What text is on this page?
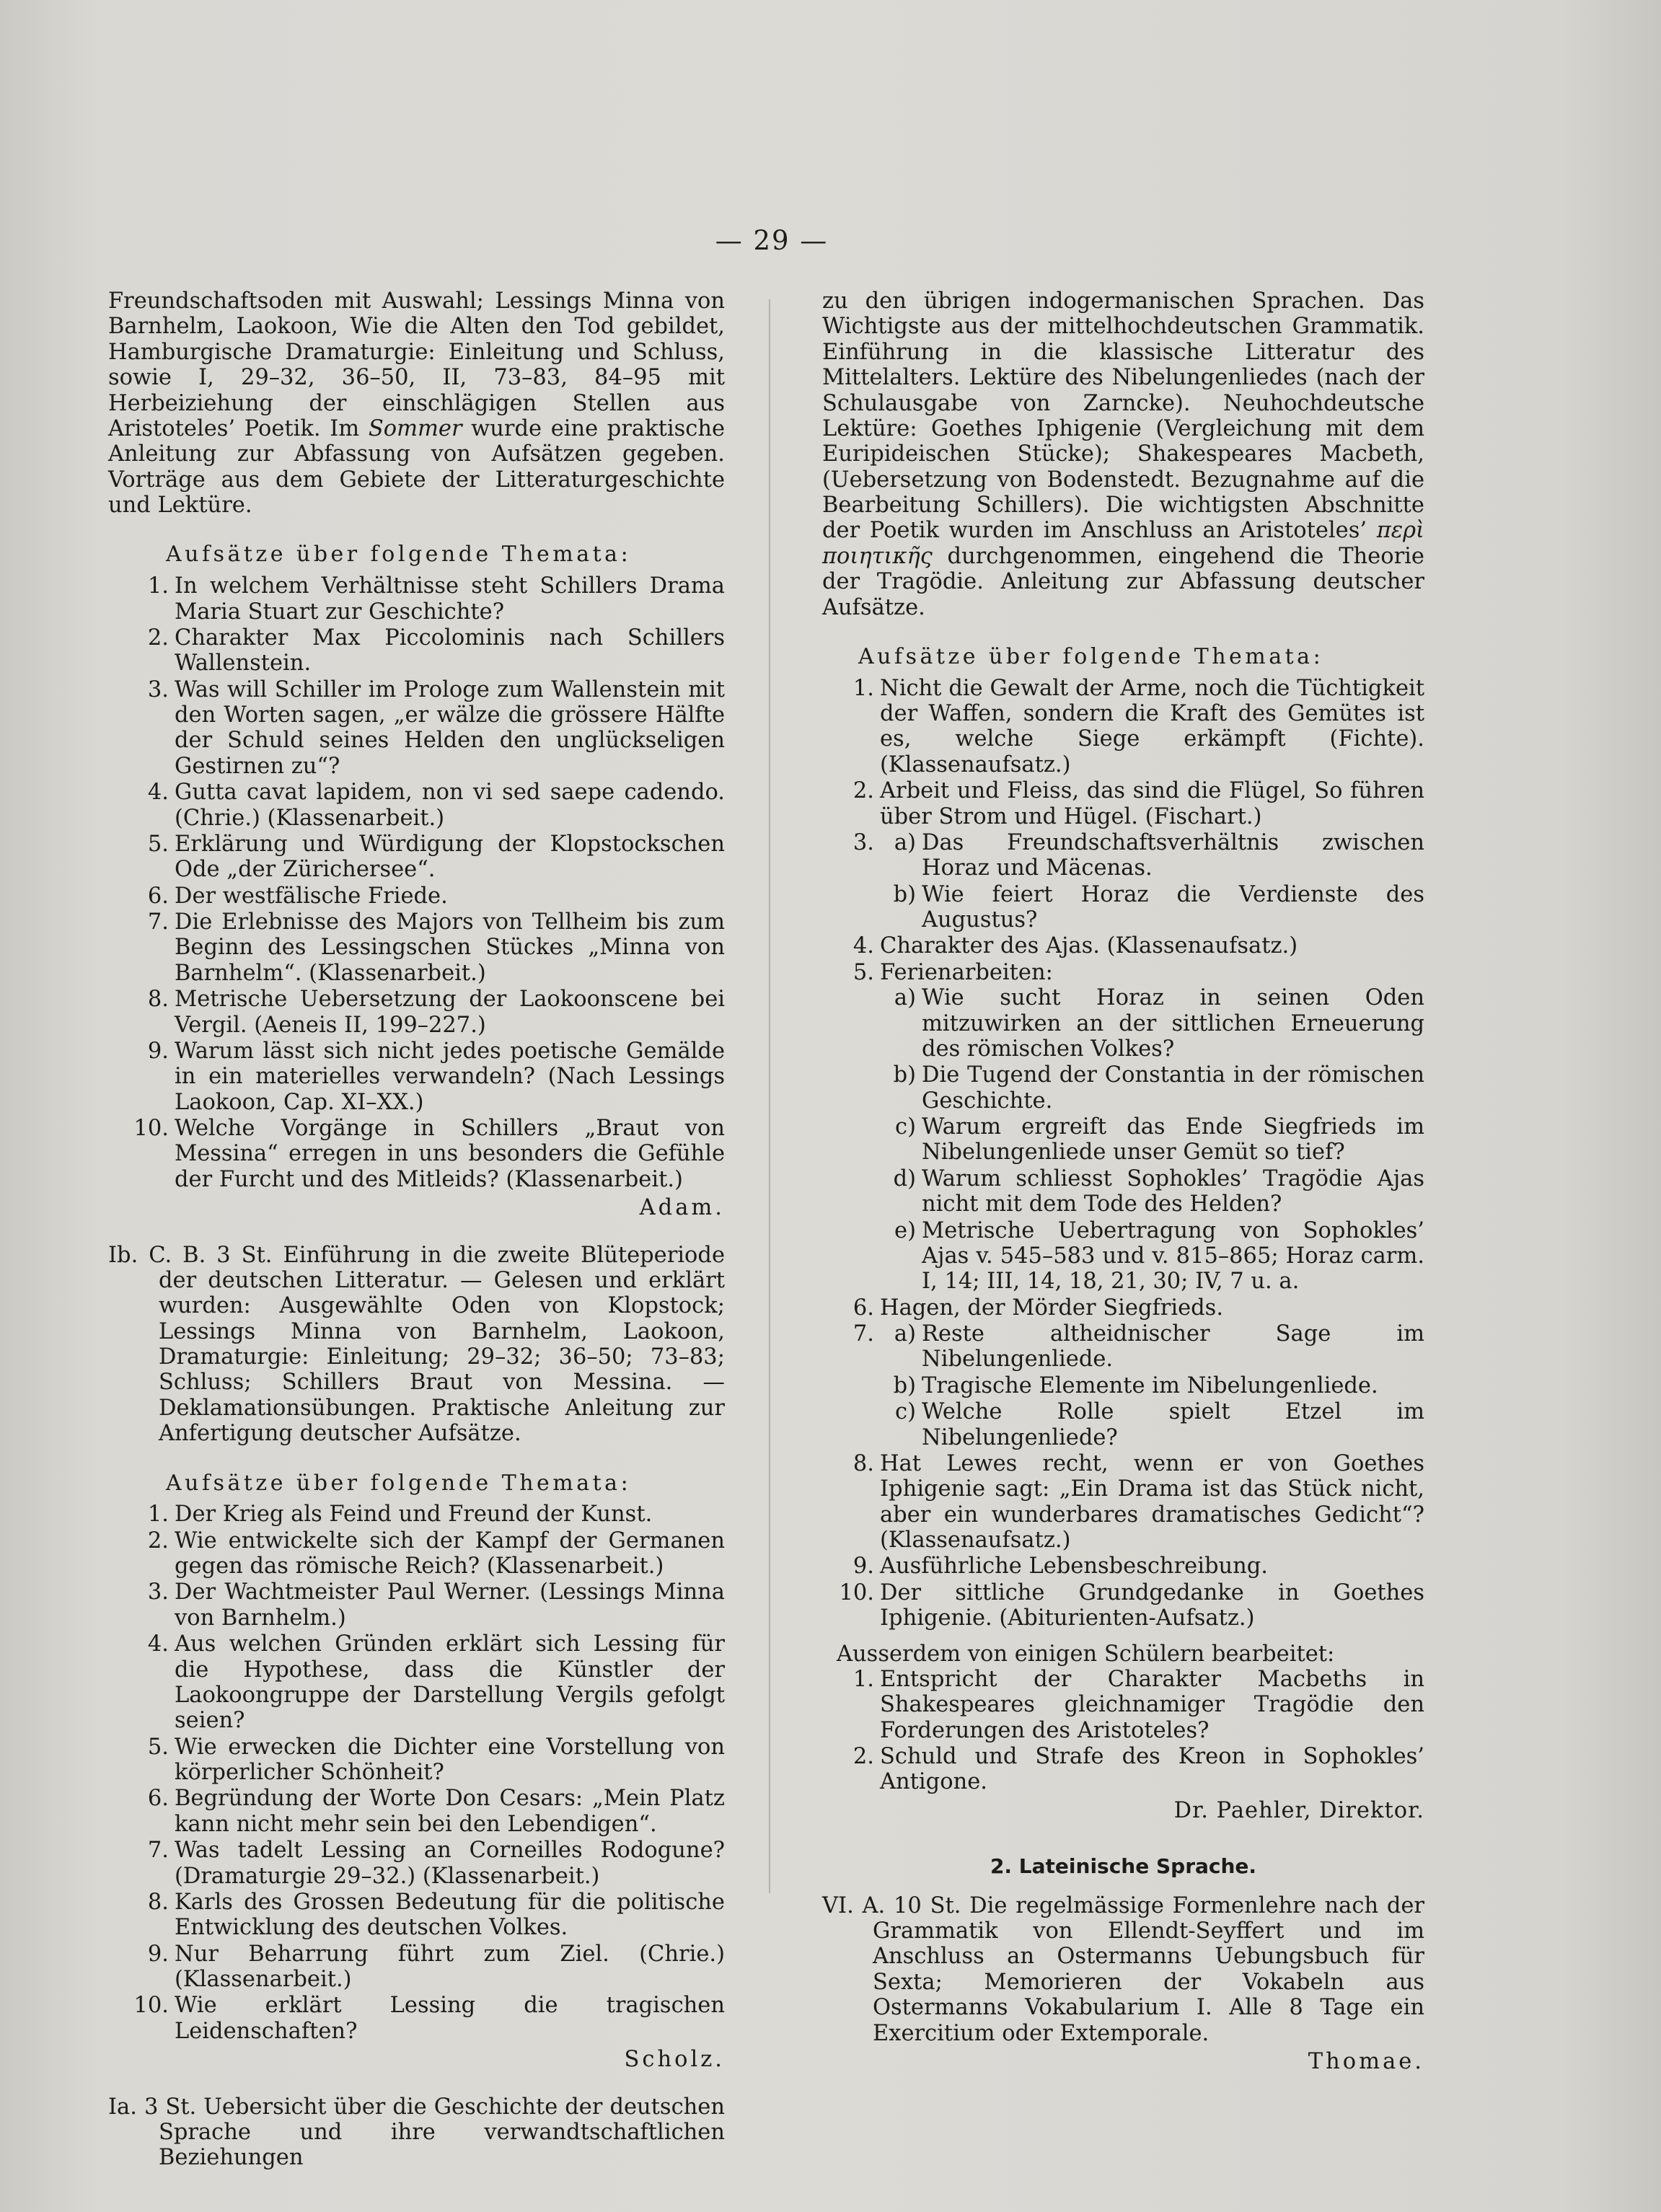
— 29 —

Freundschaftsoden mit Auswahl; Lessings Minna von Barnhelm, Laokoon, Wie die Alten den Tod gebildet, Hamburgische Dramaturgie: Einleitung und Schluss, sowie I, 29–32, 36–50, II, 73–83, 84–95 mit Herbeiziehung der einschlägigen Stellen aus Aristoteles’ Poetik. Im Sommer wurde eine praktische Anleitung zur Abfassung von Aufsätzen gegeben. Vorträge aus dem Gebiete der Litteraturgeschichte und Lektüre.

Aufsätze über folgende Themata:
1. In welchem Verhältnisse steht Schillers Drama Maria Stuart zur Geschichte?
2. Charakter Max Piccolominis nach Schillers Wallenstein.
3. Was will Schiller im Prologe zum Wallenstein mit den Worten sagen, „er wälze die grössere Hälfte der Schuld seines Helden den unglückseligen Gestirnen zu“?
4. Gutta cavat lapidem, non vi sed saepe cadendo. (Chrie.) (Klassenarbeit.)
5. Erklärung und Würdigung der Klopstockschen Ode „der Zürichersee“.
6. Der westfälische Friede.
7. Die Erlebnisse des Majors von Tellheim bis zum Beginn des Lessingschen Stückes „Minna von Barnhelm“. (Klassenarbeit.)
8. Metrische Uebersetzung der Laokoonscene bei Vergil. (Aeneis II, 199–227.)
9. Warum lässt sich nicht jedes poetische Gemälde in ein materielles verwandeln? (Nach Lessings Laokoon, Cap. XI–XX.)
10. Welche Vorgänge in Schillers „Braut von Messina“ erregen in uns besonders die Gefühle der Furcht und des Mitleids? (Klassenarbeit.)
Adam.

Ib. C. B. 3 St. Einführung in die zweite Blüteperiode der deutschen Litteratur. — Gelesen und erklärt wurden: Ausgewählte Oden von Klopstock; Lessings Minna von Barnhelm, Laokoon, Dramaturgie: Einleitung; 29–32; 36–50; 73–83; Schluss; Schillers Braut von Messina. — Deklamationsübungen. Praktische Anleitung zur Anfertigung deutscher Aufsätze.

Aufsätze über folgende Themata:
1. Der Krieg als Feind und Freund der Kunst.
2. Wie entwickelte sich der Kampf der Germanen gegen das römische Reich? (Klassenarbeit.)
3. Der Wachtmeister Paul Werner. (Lessings Minna von Barnhelm.)
4. Aus welchen Gründen erklärt sich Lessing für die Hypothese, dass die Künstler der Laokoongruppe der Darstellung Vergils gefolgt seien?
5. Wie erwecken die Dichter eine Vorstellung von körperlicher Schönheit?
6. Begründung der Worte Don Cesars: „Mein Platz kann nicht mehr sein bei den Lebendigen“.
7. Was tadelt Lessing an Corneilles Rodogune? (Dramaturgie 29–32.) (Klassenarbeit.)
8. Karls des Grossen Bedeutung für die politische Entwicklung des deutschen Volkes.
9. Nur Beharrung führt zum Ziel. (Chrie.) (Klassenarbeit.)
10. Wie erklärt Lessing die tragischen Leidenschaften?
Scholz.

Ia. 3 St. Uebersicht über die Geschichte der deutschen Sprache und ihre verwandtschaftlichen Beziehungen

zu den übrigen indogermanischen Sprachen. Das Wichtigste aus der mittelhochdeutschen Grammatik. Einführung in die klassische Litteratur des Mittelalters. Lektüre des Nibelungenliedes (nach der Schulausgabe von Zarncke). Neuhochdeutsche Lektüre: Goethes Iphigenie (Vergleichung mit dem Euripideischen Stücke); Shakespeares Macbeth, (Uebersetzung von Bodenstedt. Bezugnahme auf die Bearbeitung Schillers). Die wichtigsten Abschnitte der Poetik wurden im Anschluss an Aristoteles’ περὶ ποιητικῆς durchgenommen, eingehend die Theorie der Tragödie. Anleitung zur Abfassung deutscher Aufsätze.

Aufsätze über folgende Themata:
1. Nicht die Gewalt der Arme, noch die Tüchtigkeit der Waffen, sondern die Kraft des Gemütes ist es, welche Siege erkämpft (Fichte). (Klassenaufsatz.)
2. Arbeit und Fleiss, das sind die Flügel, So führen über Strom und Hügel. (Fischart.)
3. a) Das Freundschaftsverhältnis zwischen Horaz und Mäcenas.
b) Wie feiert Horaz die Verdienste des Augustus?
4. Charakter des Ajas. (Klassenaufsatz.)
5. Ferienarbeiten:
a) Wie sucht Horaz in seinen Oden mitzuwirken an der sittlichen Erneuerung des römischen Volkes?
b) Die Tugend der Constantia in der römischen Geschichte.
c) Warum ergreift das Ende Siegfrieds im Nibelungenliede unser Gemüt so tief?
d) Warum schliesst Sophokles’ Tragödie Ajas nicht mit dem Tode des Helden?
e) Metrische Uebertragung von Sophokles’ Ajas v. 545–583 und v. 815–865; Horaz carm. I, 14; III, 14, 18, 21, 30; IV, 7 u. a.
6. Hagen, der Mörder Siegfrieds.
7. a) Reste altheidnischer Sage im Nibelungenliede.
b) Tragische Elemente im Nibelungenliede.
c) Welche Rolle spielt Etzel im Nibelungenliede?
8. Hat Lewes recht, wenn er von Goethes Iphigenie sagt: „Ein Drama ist das Stück nicht, aber ein wunderbares dramatisches Gedicht“? (Klassenaufsatz.)
9. Ausführliche Lebensbeschreibung.
10. Der sittliche Grundgedanke in Goethes Iphigenie. (Abiturienten-Aufsatz.)

Ausserdem von einigen Schülern bearbeitet:

1. Entspricht der Charakter Macbeths in Shakespeares gleichnamiger Tragödie den Forderungen des Aristoteles?
2. Schuld und Strafe des Kreon in Sophokles’ Antigone.
Dr. Paehler, Direktor.
2. Lateinische Sprache.

VI. A. 10 St. Die regelmässige Formenlehre nach der Grammatik von Ellendt-Seyffert und im Anschluss an Ostermanns Uebungsbuch für Sexta; Memorieren der Vokabeln aus Ostermanns Vokabularium I. Alle 8 Tage ein Exercitium oder Extemporale.

Thomae.
